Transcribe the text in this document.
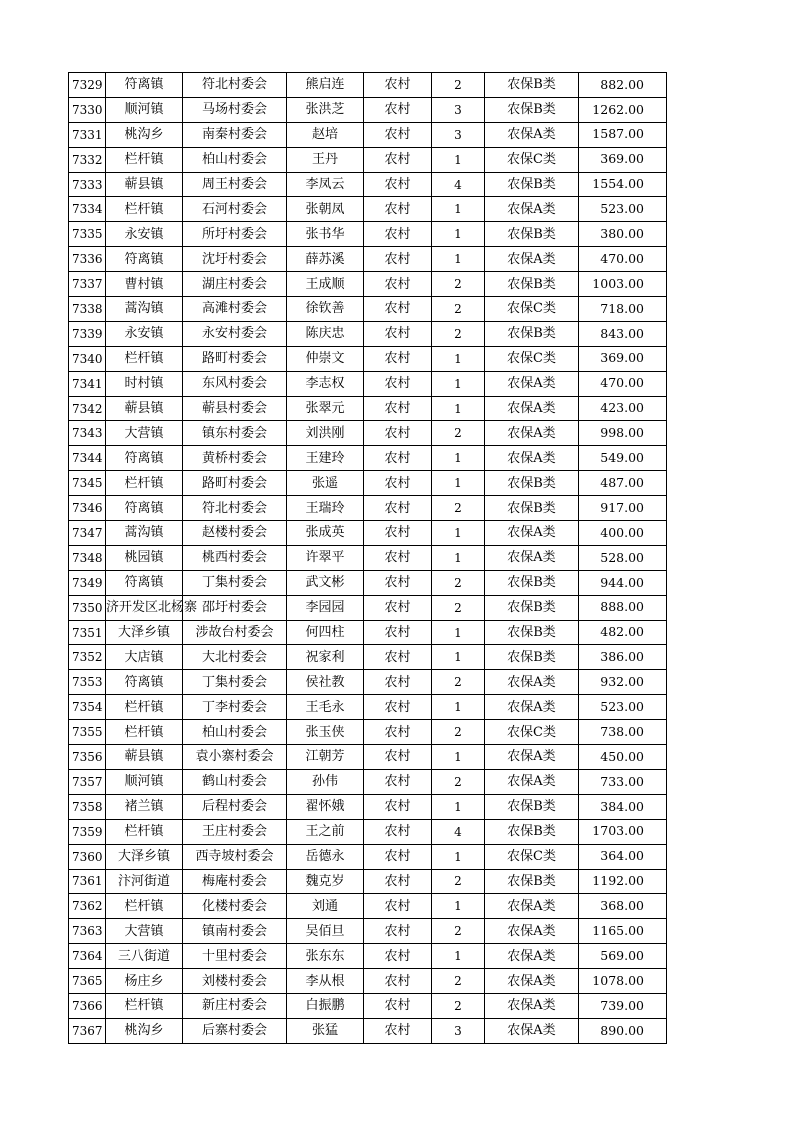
7329	符离镇	符北村委会	熊启连	农村	2	农保B类	882.00
7330	顺河镇	马场村委会	张洪芝	农村	3	农保B类	1262.00
7331	桃沟乡	南秦村委会	赵培	农村	3	农保A类	1587.00
7332	栏杆镇	柏山村委会	王丹	农村	1	农保C类	369.00
7333	蕲县镇	周王村委会	李凤云	农村	4	农保B类	1554.00
7334	栏杆镇	石河村委会	张朝凤	农村	1	农保A类	523.00
7335	永安镇	所圩村委会	张书华	农村	1	农保B类	380.00
7336	符离镇	沈圩村委会	薛苏溪	农村	1	农保A类	470.00
7337	曹村镇	湖庄村委会	王成顺	农村	2	农保B类	1003.00
7338	蒿沟镇	高滩村委会	徐钦善	农村	2	农保C类	718.00
7339	永安镇	永安村委会	陈庆忠	农村	2	农保B类	843.00
7340	栏杆镇	路町村委会	仲崇文	农村	1	农保C类	369.00
7341	时村镇	东风村委会	李志权	农村	1	农保A类	470.00
7342	蕲县镇	蕲县村委会	张翠元	农村	1	农保A类	423.00
7343	大营镇	镇东村委会	刘洪刚	农村	2	农保A类	998.00
7344	符离镇	黄桥村委会	王建玲	农村	1	农保A类	549.00
7345	栏杆镇	路町村委会	张遥	农村	1	农保B类	487.00
7346	符离镇	符北村委会	王瑞玲	农村	2	农保B类	917.00
7347	蒿沟镇	赵楼村委会	张成英	农村	1	农保A类	400.00
7348	桃园镇	桃西村委会	许翠平	农村	1	农保A类	528.00
7349	符离镇	丁集村委会	武文彬	农村	2	农保B类	944.00
7350	济开发区北杨寨	邵圩村委会	李园园	农村	2	农保B类	888.00
7351	大泽乡镇	涉故台村委会	何四柱	农村	1	农保B类	482.00
7352	大店镇	大北村委会	祝家利	农村	1	农保B类	386.00
7353	符离镇	丁集村委会	侯社教	农村	2	农保A类	932.00
7354	栏杆镇	丁李村委会	王毛永	农村	1	农保A类	523.00
7355	栏杆镇	柏山村委会	张玉侠	农村	2	农保C类	738.00
7356	蕲县镇	袁小寨村委会	江朝芳	农村	1	农保A类	450.00
7357	顺河镇	鹤山村委会	孙伟	农村	2	农保A类	733.00
7358	褚兰镇	后程村委会	翟怀娥	农村	1	农保B类	384.00
7359	栏杆镇	王庄村委会	王之前	农村	4	农保B类	1703.00
7360	大泽乡镇	西寺坡村委会	岳德永	农村	1	农保C类	364.00
7361	汴河街道	梅庵村委会	魏克岁	农村	2	农保B类	1192.00
7362	栏杆镇	化楼村委会	刘通	农村	1	农保A类	368.00
7363	大营镇	镇南村委会	吴佰旦	农村	2	农保A类	1165.00
7364	三八街道	十里村委会	张东东	农村	1	农保A类	569.00
7365	杨庄乡	刘楼村委会	李从根	农村	2	农保A类	1078.00
7366	栏杆镇	新庄村委会	白振鹏	农村	2	农保A类	739.00
7367	桃沟乡	后寨村委会	张猛	农村	3	农保A类	890.00
